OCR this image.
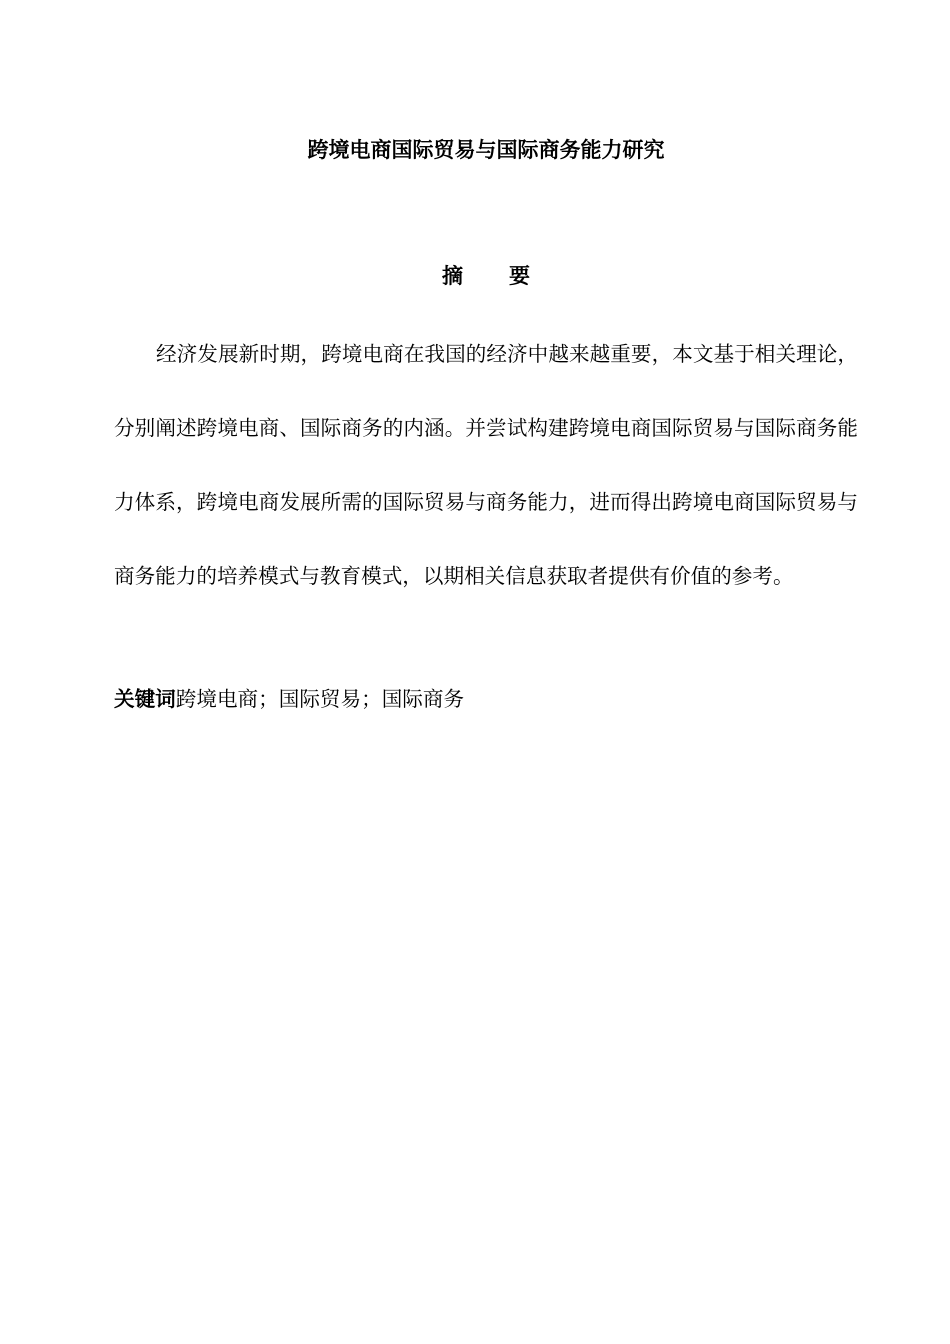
跨境电商国际贸易与国际商务能力研究
摘 要

经济发展新时期，跨境电商在我国的经济中越来越重要，本文基于相关理论，分别阐述跨境电商、国际商务的内涵。并尝试构建跨境电商国际贸易与国际商务能力体系，跨境电商发展所需的国际贸易与商务能力，进而得出跨境电商国际贸易与商务能力的培养模式与教育模式，以期相关信息获取者提供有价值的参考。

关键词跨境电商；国际贸易；国际商务
